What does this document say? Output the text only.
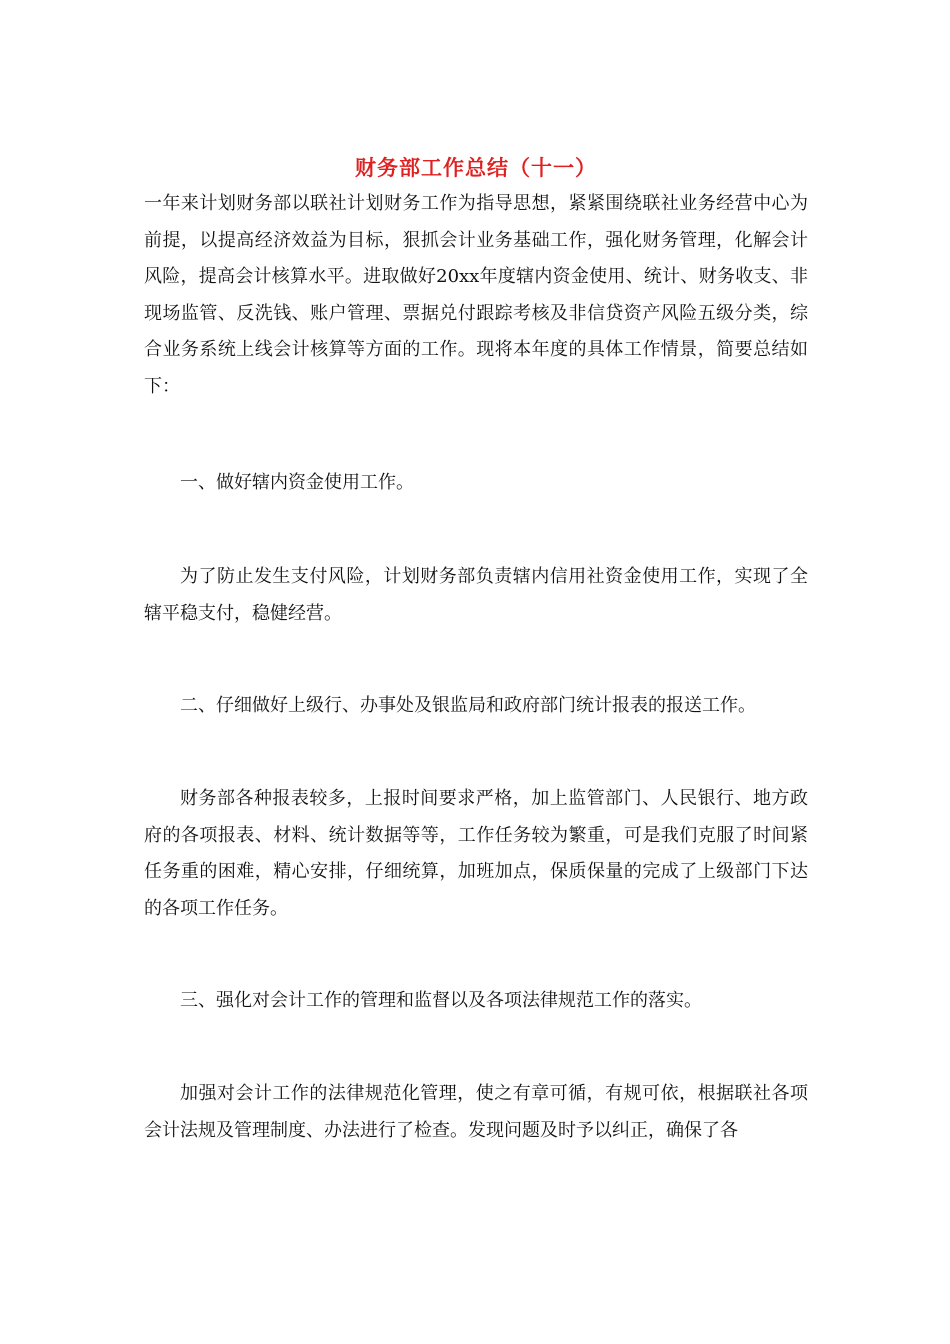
财务部工作总结（十一）

一年来计划财务部以联社计划财务工作为指导思想，紧紧围绕联社业务经营中心为前提，以提高经济效益为目标，狠抓会计业务基础工作，强化财务管理，化解会计风险，提高会计核算水平。进取做好20xx年度辖内资金使用、统计、财务收支、非现场监管、反洗钱、账户管理、票据兑付跟踪考核及非信贷资产风险五级分类，综合业务系统上线会计核算等方面的工作。现将本年度的具体工作情景，简要总结如下：

一、做好辖内资金使用工作。

为了防止发生支付风险，计划财务部负责辖内信用社资金使用工作，实现了全辖平稳支付，稳健经营。

二、仔细做好上级行、办事处及银监局和政府部门统计报表的报送工作。

财务部各种报表较多，上报时间要求严格，加上监管部门、人民银行、地方政府的各项报表、材料、统计数据等等，工作任务较为繁重，可是我们克服了时间紧任务重的困难，精心安排，仔细统算，加班加点，保质保量的完成了上级部门下达的各项工作任务。

三、强化对会计工作的管理和监督以及各项法律规范工作的落实。

加强对会计工作的法律规范化管理，使之有章可循，有规可依，根据联社各项会计法规及管理制度、办法进行了检查。发现问题及时予以纠正，确保了各
